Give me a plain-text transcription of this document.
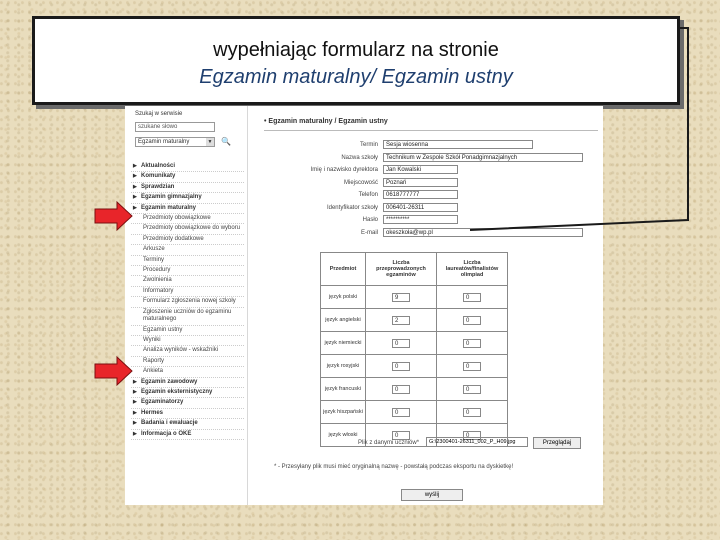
wypełniając formularz na stronie
Egzamin maturalny/ Egzamin ustny
Szukaj w serwisie
szukane słowo
Egzamin maturalny	▼ 🔍
▶ Aktualności
▶ Komunikaty
▶ Sprawdzian
▶ Egzamin gimnazjalny
▶ Egzamin maturalny
Przedmioty obowiązkowe
Przedmioty obowiązkowe do wyboru
Przedmioty dodatkowe
Arkusze
Terminy
Procedury
Zwolnienia
Informatory
Formularz zgłoszenia nowej szkoły
Zgłoszenie uczniów do egzaminu maturalnego
Egzamin ustny
Wyniki
Analiza wyników - wskaźniki
Raporty
Ankieta
▶ Egzamin zawodowy
▶ Egzamin eksternistyczny
▶ Egzaminatorzy
▶ Hermes
▶ Badania i ewaluacje
▶ Informacja o OKE
• Egzamin maturalny / Egzamin ustny
Termin	Sesja wiosenna
Nazwa szkoły	Technikum w Zespole Szkół Ponadgimnazjalnych
Imię i nazwisko dyrektora	Jan Kowalski
Miejscowość	Poznań
Telefon	0618777777
Identyfikator szkoły	006401-26311
Hasło	**********
E-mail	okeszkoła@wp.pl
Przedmiot	Liczba przeprowadzonych egzaminów	Liczba laureatów/finalistów olimpiad
język polski	9	0
język angielski	2	0
język niemiecki	0	0
język rosyjski	0	0
język francuski	0	0
język hiszpański	0	0
język włoski	0	0
Plik z danymi uczniów*	G:\2300401-26311_002_P_H09.jpg	Przeglądaj
* - Przesyłany plik musi mieć oryginalną nazwę - powstałą podczas eksportu na dyskietkę!
wyślij
